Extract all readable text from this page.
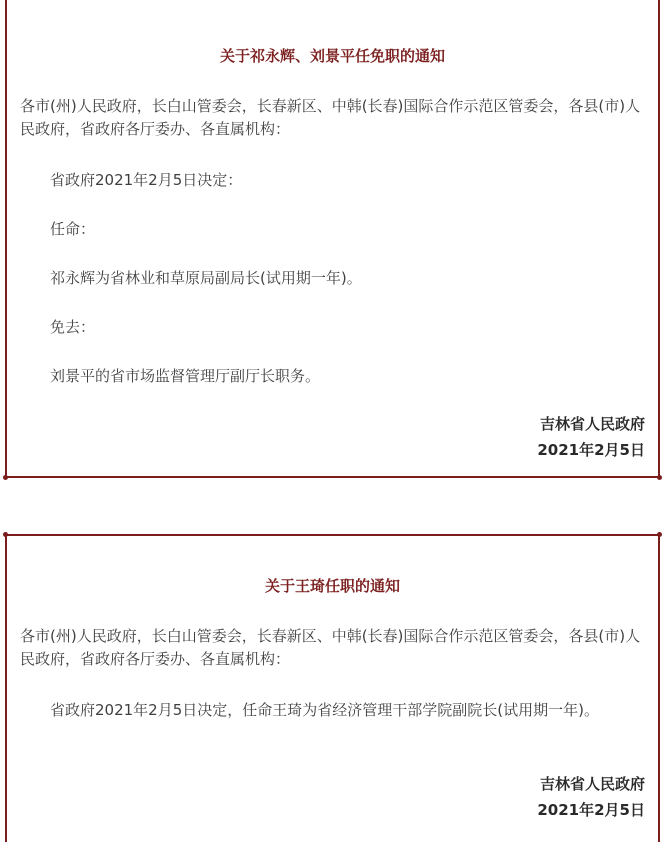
关于祁永辉、刘景平任免职的通知

各市(州)人民政府，长白山管委会，长春新区、中韩(长春)国际合作示范区管委会，各县(市)人民政府，省政府各厅委办、各直属机构：

省政府2021年2月5日决定：

任命：

祁永辉为省林业和草原局副局长(试用期一年)。

免去：

刘景平的省市场监督管理厅副厅长职务。

吉林省人民政府

2021年2月5日

关于王琦任职的通知

各市(州)人民政府，长白山管委会，长春新区、中韩(长春)国际合作示范区管委会，各县(市)人民政府，省政府各厅委办、各直属机构：

省政府2021年2月5日决定，任命王琦为省经济管理干部学院副院长(试用期一年)。

吉林省人民政府

2021年2月5日
